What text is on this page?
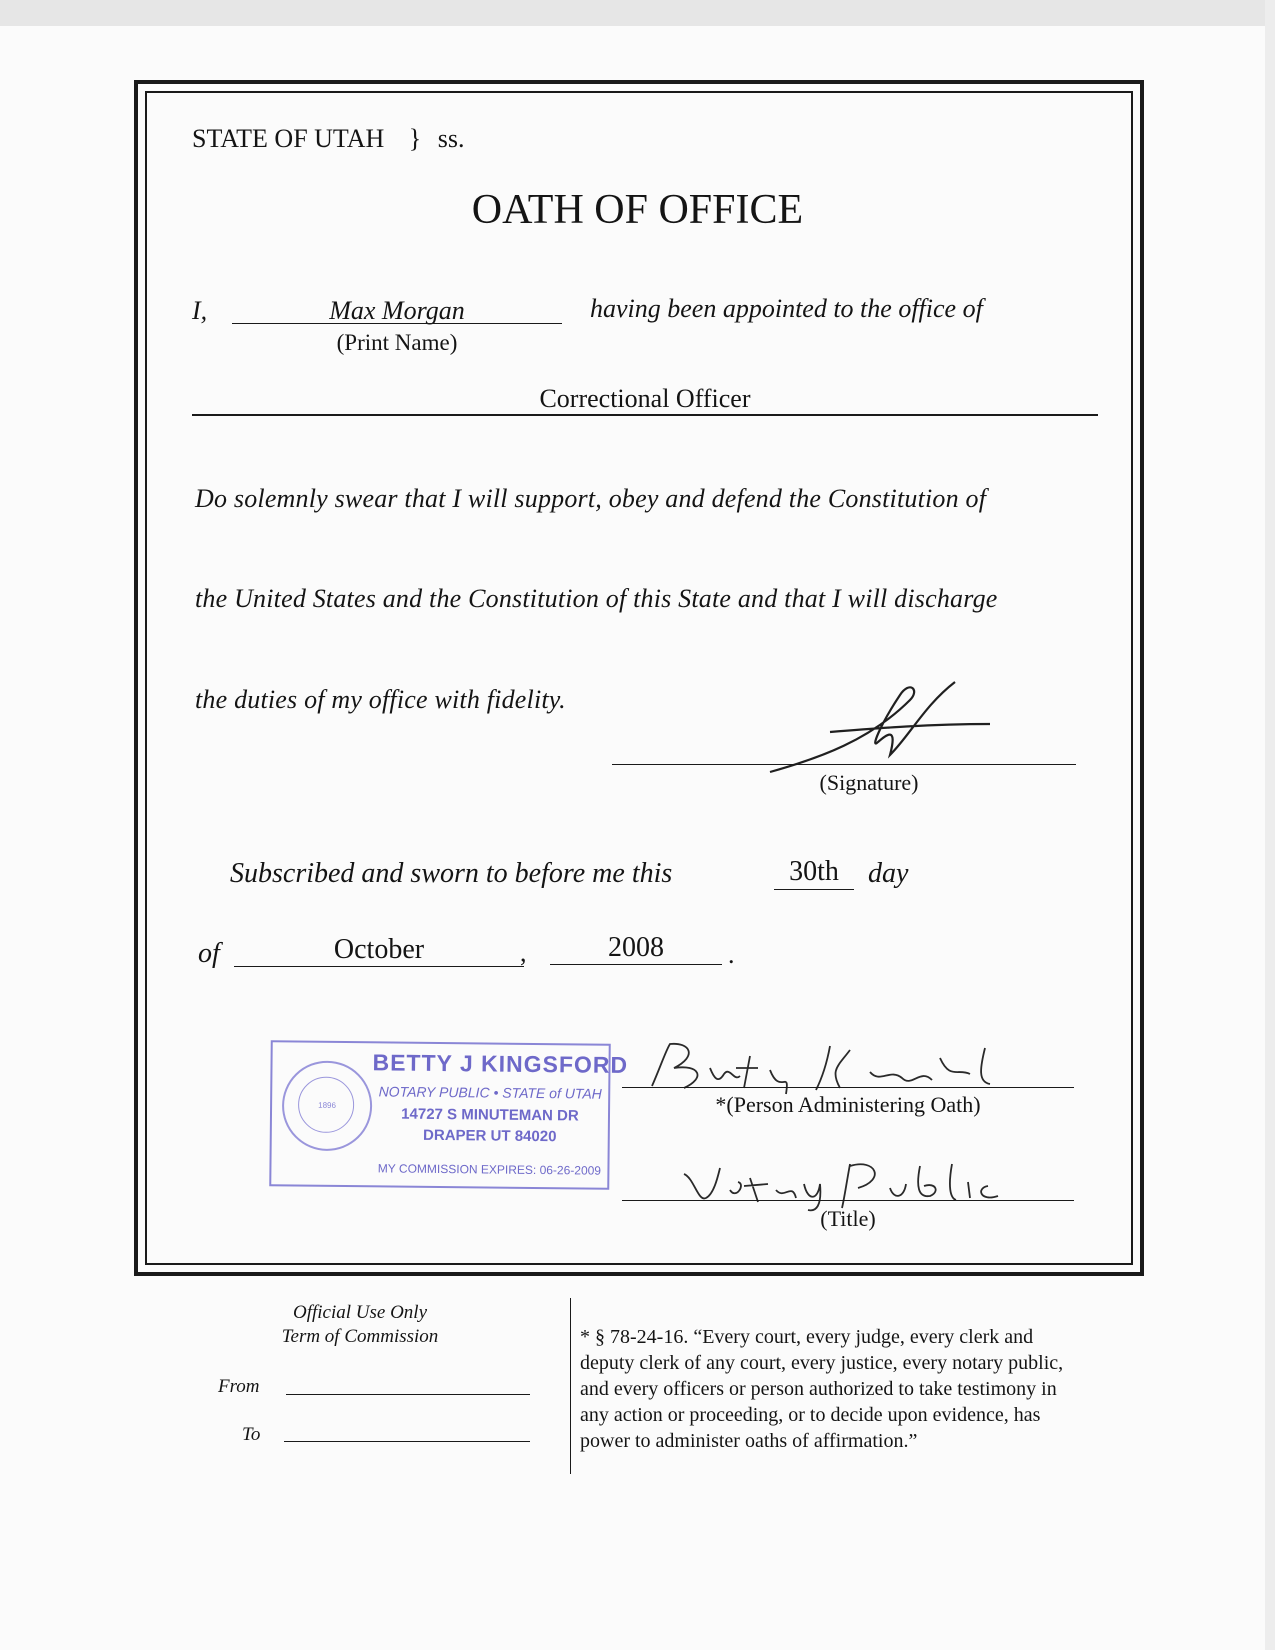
STATE OF UTAH } ss.
OATH OF OFFICE
I,	Max Morgan
(Print Name)
having been appointed to the office of
Correctional Officer
Do solemnly swear that I will support, obey and defend the Constitution of
the United States and the Constitution of this State and that I will discharge
the duties of my office with fidelity.
(Signature)
Subscribed and sworn to before me this	30th	day
of	October	,	2008	.
1896
BETTY J KINGSFORD
NOTARY PUBLIC • STATE of UTAH
14727 S MINUTEMAN DR
DRAPER UT 84020
MY COMMISSION EXPIRES: 06-26-2009
*(Person Administering Oath)
(Title)
Official Use Only
Term of Commission
From
To
* § 78-24-16. “Every court, every judge, every clerk and
deputy clerk of any court, every justice, every notary public,
and every officers or person authorized to take testimony in
any action or proceeding, or to decide upon evidence, has
power to administer oaths of affirmation.”
